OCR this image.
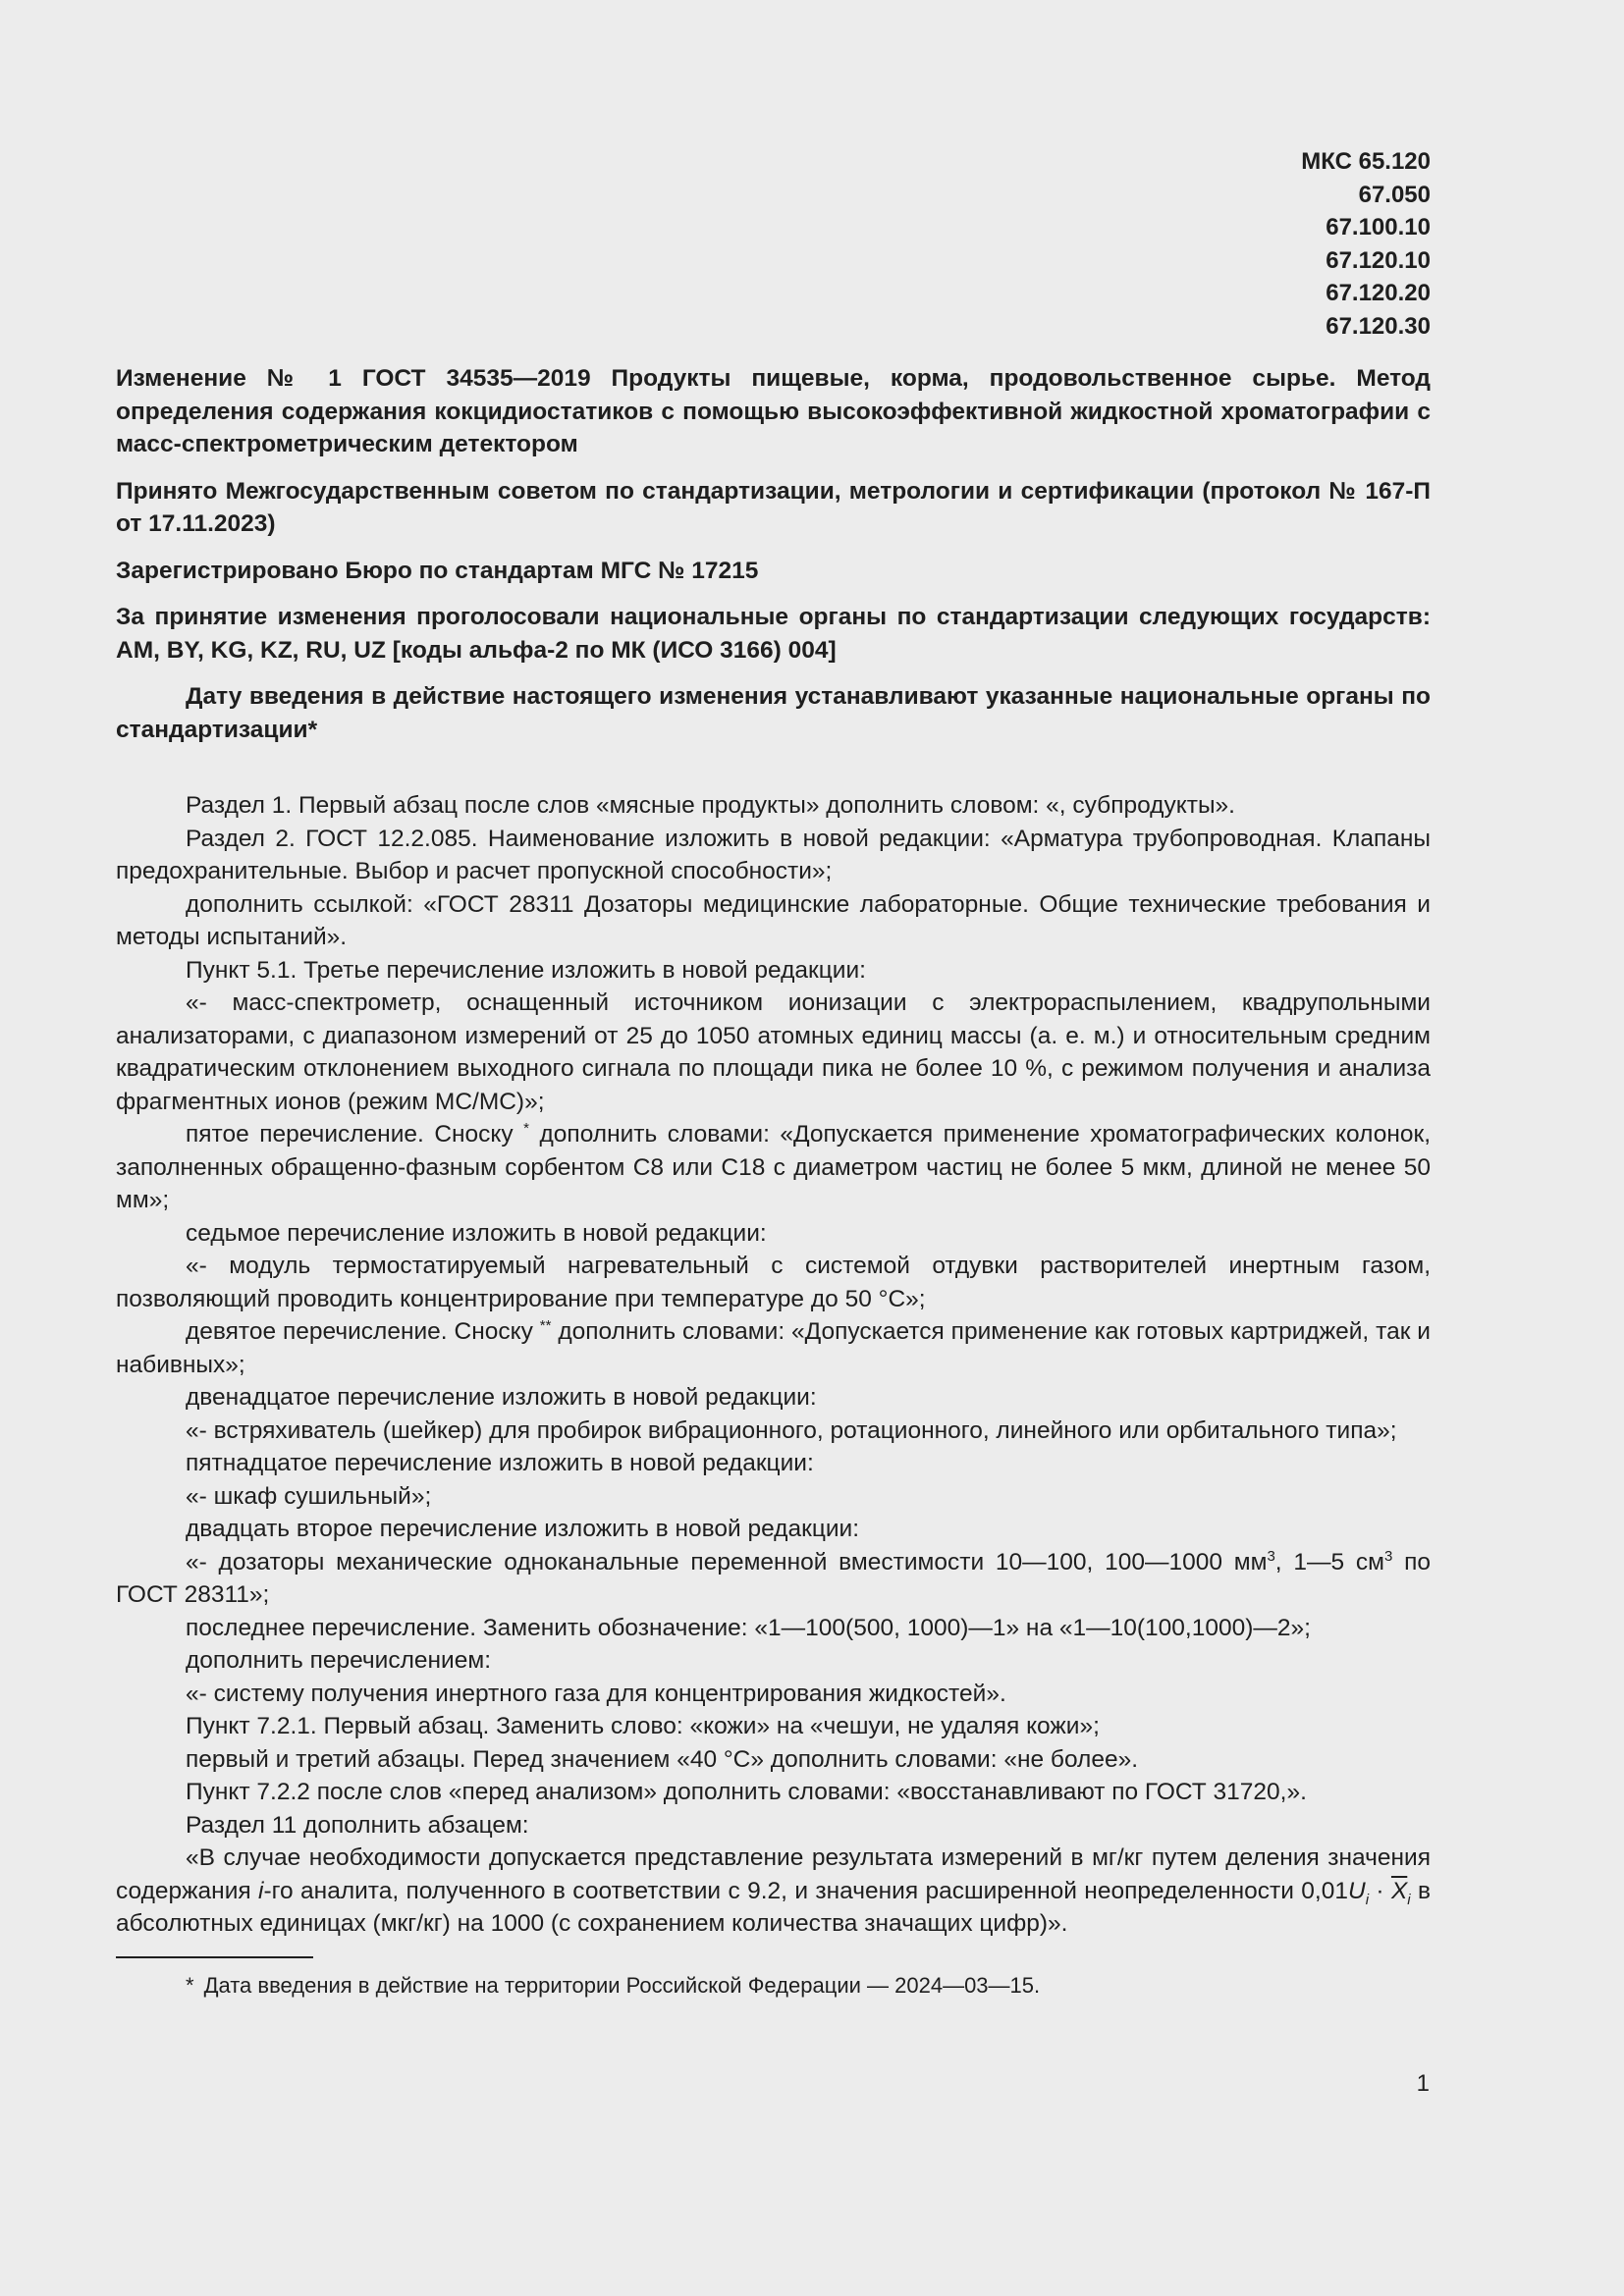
МКС 65.120
67.050
67.100.10
67.120.10
67.120.20
67.120.30
Изменение № 1 ГОСТ 34535—2019 Продукты пищевые, корма, продовольственное сырье. Метод определения содержания кокцидиостатиков с помощью высокоэффективной жидкостной хроматографии с масс-спектрометрическим детектором
Принято Межгосударственным советом по стандартизации, метрологии и сертификации (протокол № 167-П от 17.11.2023)
Зарегистрировано Бюро по стандартам МГС № 17215
За принятие изменения проголосовали национальные органы по стандартизации следующих государств: AM, BY, KG, KZ, RU, UZ [коды альфа-2 по МК (ИСО 3166) 004]
Дату введения в действие настоящего изменения устанавливают указанные национальные органы по стандартизации*

Раздел 1. Первый абзац после слов «мясные продукты» дополнить словом: «, субпродукты».

Раздел 2. ГОСТ 12.2.085. Наименование изложить в новой редакции: «Арматура трубопроводная. Клапаны предохранительные. Выбор и расчет пропускной способности»;

дополнить ссылкой: «ГОСТ 28311 Дозаторы медицинские лабораторные. Общие технические требования и методы испытаний».

Пункт 5.1. Третье перечисление изложить в новой редакции:

«- масс-спектрометр, оснащенный источником ионизации с электрораспылением, квадрупольными анализаторами, с диапазоном измерений от 25 до 1050 атомных единиц массы (а. е. м.) и относительным средним квадратическим отклонением выходного сигнала по площади пика не более 10 %, с режимом получения и анализа фрагментных ионов (режим МС/МС)»;

пятое перечисление. Сноску * дополнить словами: «Допускается применение хроматографических колонок, заполненных обращенно-фазным сорбентом С8 или С18 с диаметром частиц не более 5 мкм, длиной не менее 50 мм»;

седьмое перечисление изложить в новой редакции:

«- модуль термостатируемый нагревательный с системой отдувки растворителей инертным газом, позволяющий проводить концентрирование при температуре до 50 °С»;

девятое перечисление. Сноску ** дополнить словами: «Допускается применение как готовых картриджей, так и набивных»;

двенадцатое перечисление изложить в новой редакции:

«- встряхиватель (шейкер) для пробирок вибрационного, ротационного, линейного или орбитального типа»;

пятнадцатое перечисление изложить в новой редакции:

«- шкаф сушильный»;

двадцать второе перечисление изложить в новой редакции:

«- дозаторы механические одноканальные переменной вместимости 10—100, 100—1000 $мм^3$, 1—5 $см^3$ по ГОСТ 28311»;

последнее перечисление. Заменить обозначение: «1—100(500, 1000)—1» на «1—10(100,1000)—2»;

дополнить перечислением:

«- систему получения инертного газа для концентрирования жидкостей».

Пункт 7.2.1. Первый абзац. Заменить слово: «кожи» на «чешуи, не удаляя кожи»;

первый и третий абзацы. Перед значением «40 °С» дополнить словами: «не более».

Пункт 7.2.2 после слов «перед анализом» дополнить словами: «восстанавливают по ГОСТ 31720,».

Раздел 11 дополнить абзацем:

«В случае необходимости допускается представление результата измерений в мг/кг путем деления значения содержания i-го аналита, полученного в соответствии с 9.2, и значения расширенной неопределенности $0,01U_i \cdot \overline{X}_i$ в абсолютных единицах (мкг/кг) на 1000 (с сохранением количества значащих цифр)».

* Дата введения в действие на территории Российской Федерации — 2024—03—15.
1
